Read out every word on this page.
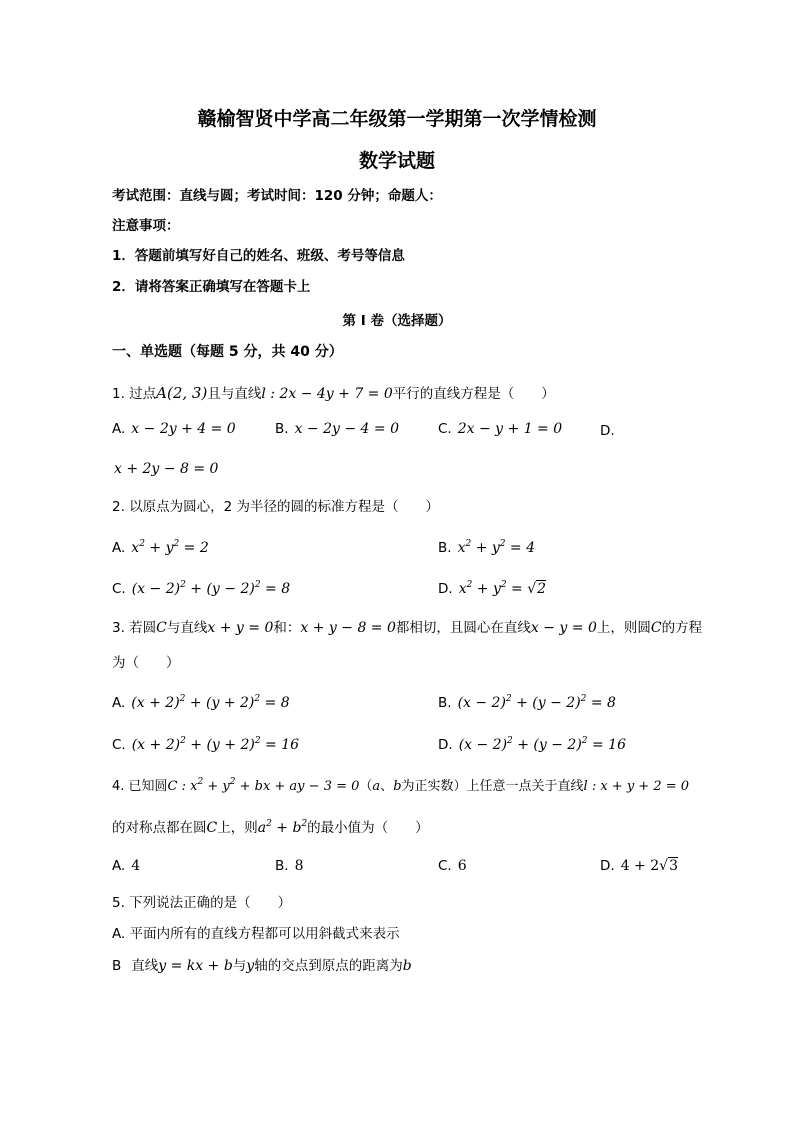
赣榆智贤中学高二年级第一学期第一次学情检测
数学试题
考试范围：直线与圆；考试时间：120 分钟；命题人：
注意事项：
1．答题前填写好自己的姓名、班级、考号等信息
2．请将答案正确填写在答题卡上
第 I 卷（选择题）
一、单选题（每题 5 分，共 40 分）
1. 过点A(2, 3)且与直线l : 2x − 4y + 7 = 0平行的直线方程是（　　）
A. x − 2y + 4 = 0	B. x − 2y − 4 = 0	C. 2x − y + 1 = 0	D.
x + 2y − 8 = 0
2. 以原点为圆心，2 为半径的圆的标准方程是（　　）
A. $x^2 + y^2 = 2$	B. $x^2 + y^2 = 4$
C. $(x - 2)^2 + (y - 2)^2 = 8$	D. $x^2 + y^2 = √2$
3. 若圆C与直线x + y = 0和：x + y − 8 = 0都相切，且圆心在直线x − y = 0上，则圆C的方程
为（　　）
A. $(x + 2)^2 + (y + 2)^2 = 8$	B. $(x - 2)^2 + (y - 2)^2 = 8$
C. $(x + 2)^2 + (y + 2)^2 = 16$	D. $(x - 2)^2 + (y - 2)^2 = 16$
4. 已知圆C : $x^2 + y^2$ + bx + ay − 3 = 0（a、b为正实数）上任意一点关于直线l : x + y + 2 = 0
的对称点都在圆C上，则$a^2 + b^2$的最小值为（　　）
A. 4	B. 8	C. 6	D. 4 + 2√3
5. 下列说法正确的是（　　）
A. 平面内所有的直线方程都可以用斜截式来表示
B 直线y = kx + b与y轴的交点到原点的距离为b
